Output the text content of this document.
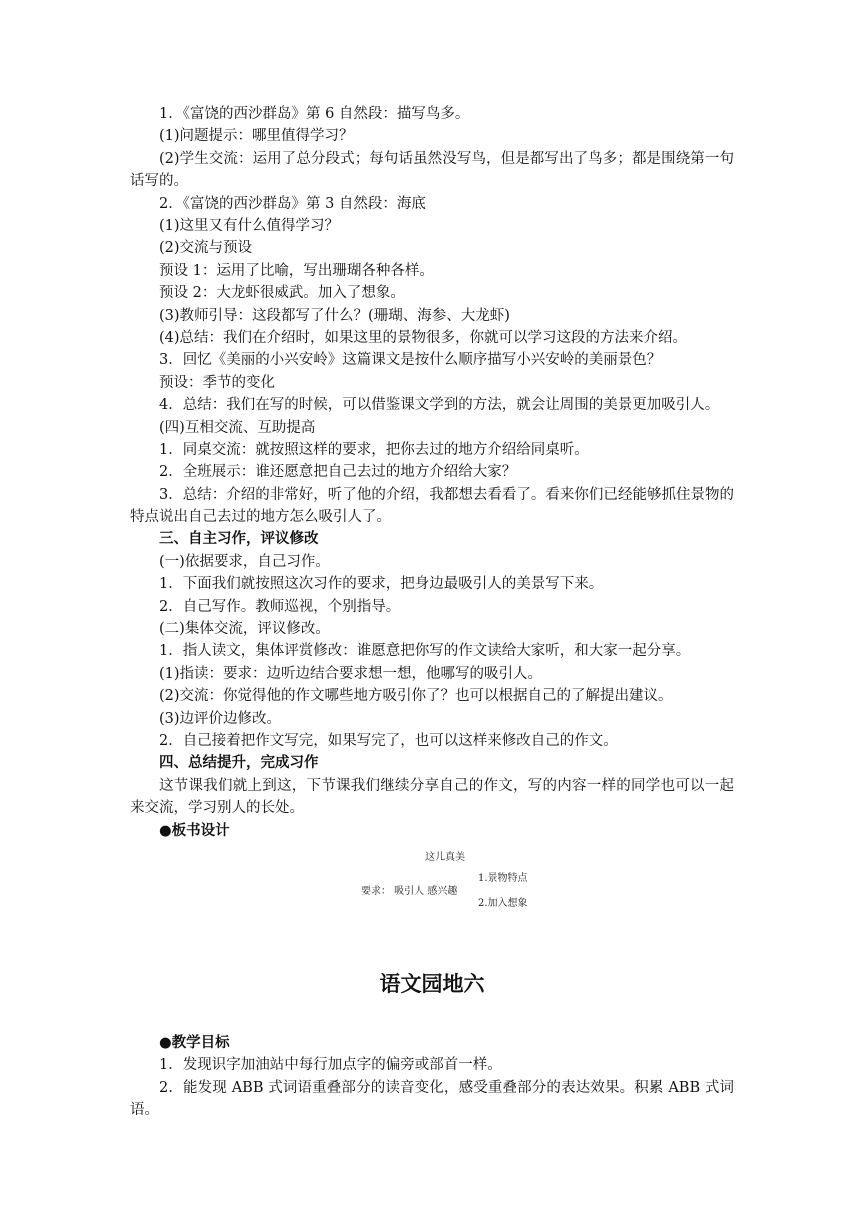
1．《富饶的西沙群岛》第 6 自然段：描写鸟多。
(1)问题提示：哪里值得学习？
(2)学生交流：运用了总分段式；每句话虽然没写鸟，但是都写出了鸟多；都是围绕第一句话写的。
2．《富饶的西沙群岛》第 3 自然段：海底
(1)这里又有什么值得学习？
(2)交流与预设
预设 1：运用了比喻，写出珊瑚各种各样。
预设 2：大龙虾很威武。加入了想象。
(3)教师引导：这段都写了什么？(珊瑚、海参、大龙虾)
(4)总结：我们在介绍时，如果这里的景物很多，你就可以学习这段的方法来介绍。
3．回忆《美丽的小兴安岭》这篇课文是按什么顺序描写小兴安岭的美丽景色？
预设：季节的变化
4．总结：我们在写的时候，可以借鉴课文学到的方法，就会让周围的美景更加吸引人。
(四)互相交流、互助提高
1．同桌交流：就按照这样的要求，把你去过的地方介绍给同桌听。
2．全班展示：谁还愿意把自己去过的地方介绍给大家？
3．总结：介绍的非常好，听了他的介绍，我都想去看看了。看来你们已经能够抓住景物的特点说出自己去过的地方怎么吸引人了。
三、自主习作，评议修改
(一)依据要求，自己习作。
1．下面我们就按照这次习作的要求，把身边最吸引人的美景写下来。
2．自己写作。教师巡视，个别指导。
(二)集体交流，评议修改。
1．指人读文，集体评赏修改：谁愿意把你写的作文读给大家听，和大家一起分享。
(1)指读：要求：边听边结合要求想一想，他哪写的吸引人。
(2)交流：你觉得他的作文哪些地方吸引你了？也可以根据自己的了解提出建议。
(3)边评价边修改。
2．自己接着把作文写完，如果写完了，也可以这样来修改自己的作文。
四、总结提升，完成习作
这节课我们就上到这，下节课我们继续分享自己的作文，写的内容一样的同学也可以一起来交流，学习别人的长处。
●板书设计
这儿真美
要求： 吸引人 感兴趣
1.景物特点
2.加入想象
语文园地六
●教学目标
1．发现识字加油站中每行加点字的偏旁或部首一样。
2．能发现 ABB 式词语重叠部分的读音变化，感受重叠部分的表达效果。积累 ABB 式词语。
